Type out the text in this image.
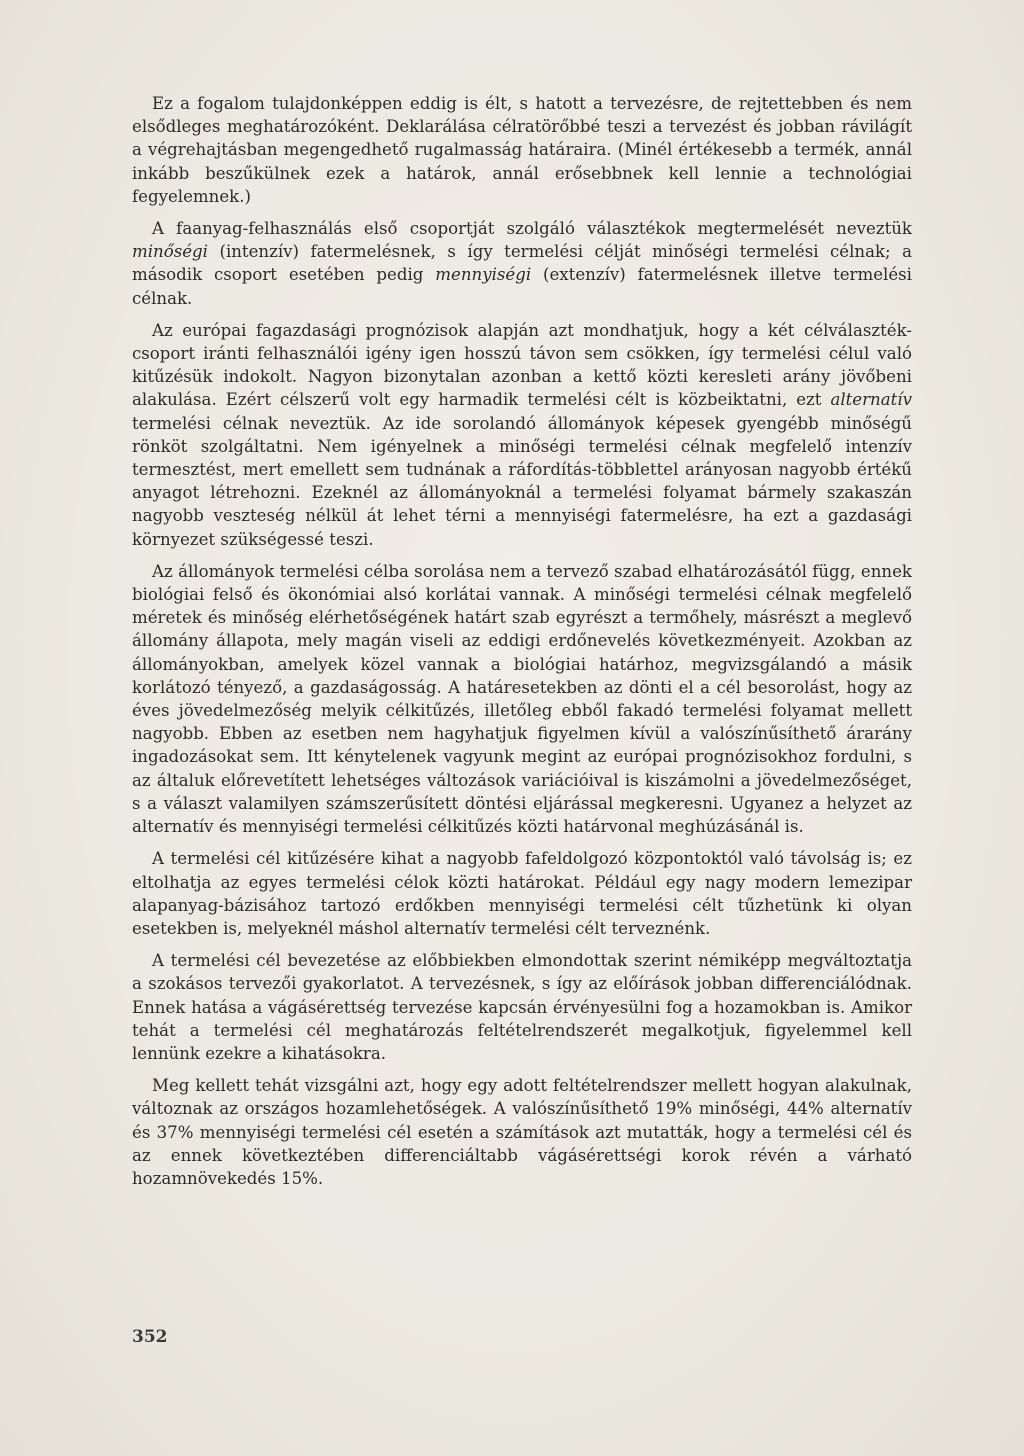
Ez a fogalom tulajdonképpen eddig is élt, s hatott a tervezésre, de rejtettebben és nem elsődleges meghatározóként. Deklarálása célratörőbbé teszi a tervezést és jobban rávilágít a végrehajtásban megengedhető rugalmasság határaira. (Minél értékesebb a termék, annál inkább beszűkülnek ezek a határok, annál erősebbnek kell lennie a technológiai fegyelemnek.)

A faanyag-felhasználás első csoportját szolgáló választékok megtermelését neveztük minőségi (intenzív) fatermelésnek, s így termelési célját minőségi termelési célnak; a második csoport esetében pedig mennyiségi (extenzív) fatermelésnek illetve termelési célnak.

Az európai fagazdasági prognózisok alapján azt mondhatjuk, hogy a két célválaszték-csoport iránti felhasználói igény igen hosszú távon sem csökken, így termelési célul való kitűzésük indokolt. Nagyon bizonytalan azonban a kettő közti keresleti arány jövőbeni alakulása. Ezért célszerű volt egy harmadik termelési célt is közbeiktatni, ezt alternatív termelési célnak neveztük. Az ide sorolandó állományok képesek gyengébb minőségű rönköt szolgáltatni. Nem igényelnek a minőségi termelési célnak megfelelő intenzív termesztést, mert emellett sem tudnának a ráfordítás-többlettel arányosan nagyobb értékű anyagot létrehozni. Ezeknél az állományoknál a termelési folyamat bármely szakaszán nagyobb veszteség nélkül át lehet térni a mennyiségi fatermelésre, ha ezt a gazdasági környezet szükségessé teszi.

Az állományok termelési célba sorolása nem a tervező szabad elhatározásától függ, ennek biológiai felső és ökonómiai alsó korlátai vannak. A minőségi termelési célnak megfelelő méretek és minőség elérhetőségének határt szab egyrészt a termőhely, másrészt a meglevő állomány állapota, mely magán viseli az eddigi erdőnevelés következményeit. Azokban az állományokban, amelyek közel vannak a biológiai határhoz, megvizsgálandó a másik korlátozó tényező, a gazdaságosság. A határesetekben az dönti el a cél besorolást, hogy az éves jövedelmezőség melyik célkitűzés, illetőleg ebből fakadó termelési folyamat mellett nagyobb. Ebben az esetben nem hagyhatjuk figyelmen kívül a valószínűsíthető árarány ingadozásokat sem. Itt kénytelenek vagyunk megint az európai prognózisokhoz fordulni, s az általuk előrevetített lehetséges változások variációival is kiszámolni a jövedelmezőséget, s a választ valamilyen számszerűsített döntési eljárással megkeresni. Ugyanez a helyzet az alternatív és mennyiségi termelési célkitűzés közti határvonal meghúzásánál is.

A termelési cél kitűzésére kihat a nagyobb fafeldolgozó központoktól való távolság is; ez eltolhatja az egyes termelési célok közti határokat. Például egy nagy modern lemezipar alapanyag-bázisához tartozó erdőkben mennyiségi termelési célt tűzhetünk ki olyan esetekben is, melyeknél máshol alternatív termelési célt terveznénk.

A termelési cél bevezetése az előbbiekben elmondottak szerint némiképp megváltoztatja a szokásos tervezői gyakorlatot. A tervezésnek, s így az előírások jobban differenciálódnak. Ennek hatása a vágásérettség tervezése kapcsán érvényesülni fog a hozamokban is. Amikor tehát a termelési cél meghatározás feltételrendszerét megalkotjuk, figyelemmel kell lennünk ezekre a kihatásokra.

Meg kellett tehát vizsgálni azt, hogy egy adott feltételrendszer mellett hogyan alakulnak, változnak az országos hozamlehetőségek. A valószínűsíthető 19% minőségi, 44% alternatív és 37% mennyiségi termelési cél esetén a számítások azt mutatták, hogy a termelési cél és az ennek következtében differenciáltabb vágásérettségi korok révén a várható hozamnövekedés 15%.

352
